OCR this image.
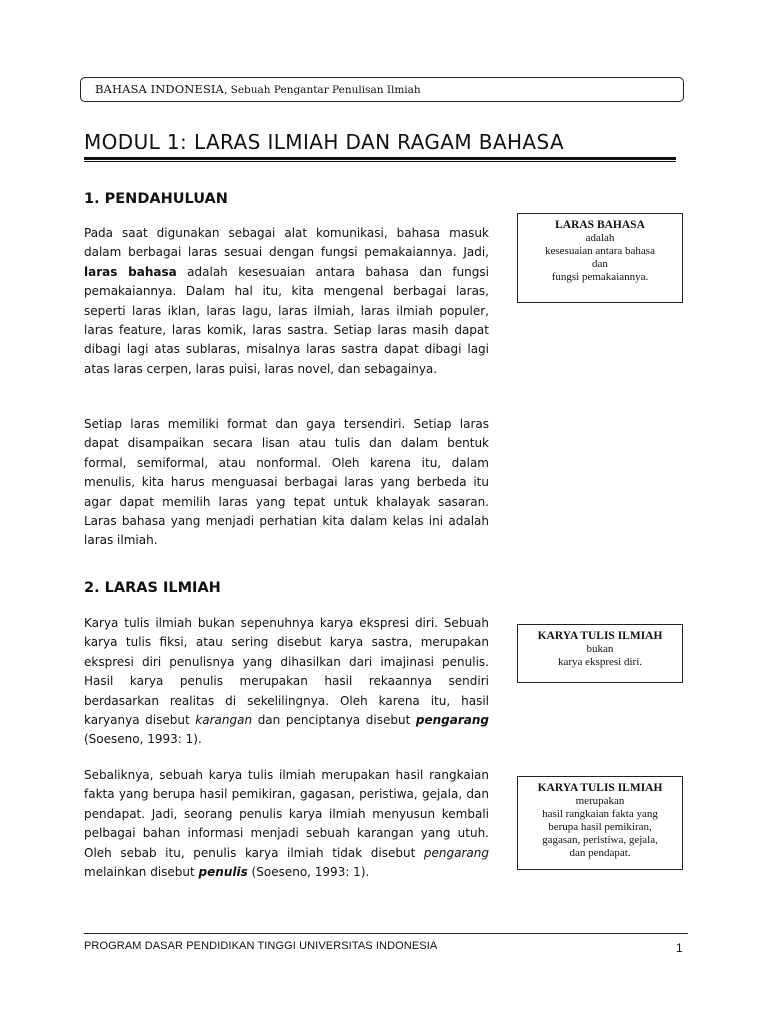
BAHASA INDONESIA, Sebuah Pengantar Penulisan Ilmiah
MODUL 1: LARAS ILMIAH DAN RAGAM BAHASA
1. PENDAHULUAN

Pada saat digunakan sebagai alat komunikasi, bahasa masuk dalam berbagai laras sesuai dengan fungsi pemakaiannya. Jadi, laras bahasa adalah kesesuaian antara bahasa dan fungsi pemakaiannya. Dalam hal itu, kita mengenal berbagai laras, seperti laras iklan, laras lagu, laras ilmiah, laras ilmiah populer, laras feature, laras komik, laras sastra. Setiap laras masih dapat dibagi lagi atas sublaras, misalnya laras sastra dapat dibagi lagi atas laras cerpen, laras puisi, laras novel, dan sebagainya.

Setiap laras memiliki format dan gaya tersendiri. Setiap laras dapat disampaikan secara lisan atau tulis dan dalam bentuk formal, semiformal, atau nonformal. Oleh karena itu, dalam menulis, kita harus menguasai berbagai laras yang berbeda itu agar dapat memilih laras yang tepat untuk khalayak sasaran. Laras bahasa yang menjadi perhatian kita dalam kelas ini adalah laras ilmiah.

2. LARAS ILMIAH

Karya tulis ilmiah bukan sepenuhnya karya ekspresi diri. Sebuah karya tulis fiksi, atau sering disebut karya sastra, merupakan ekspresi diri penulisnya yang dihasilkan dari imajinasi penulis. Hasil karya penulis merupakan hasil rekaannya sendiri berdasarkan realitas di sekelilingnya. Oleh karena itu, hasil karyanya disebut karangan dan penciptanya disebut pengarang (Soeseno, 1993: 1).

Sebaliknya, sebuah karya tulis ilmiah merupakan hasil rangkaian fakta yang berupa hasil pemikiran, gagasan, peristiwa, gejala, dan pendapat. Jadi, seorang penulis karya ilmiah menyusun kembali pelbagai bahan informasi menjadi sebuah karangan yang utuh. Oleh sebab itu, penulis karya ilmiah tidak disebut pengarang melainkan disebut penulis (Soeseno, 1993: 1).

LARAS BAHASA
adalah
kesesuaian antara bahasa
dan
fungsi pemakaiannya.
KARYA TULIS ILMIAH
bukan
karya ekspresi diri.
KARYA TULIS ILMIAH
merupakan
hasil rangkaian fakta yang
berupa hasil pemikiran,
gagasan, peristiwa, gejala,
dan pendapat.
PROGRAM DASAR PENDIDIKAN TINGGI UNIVERSITAS INDONESIA	1
